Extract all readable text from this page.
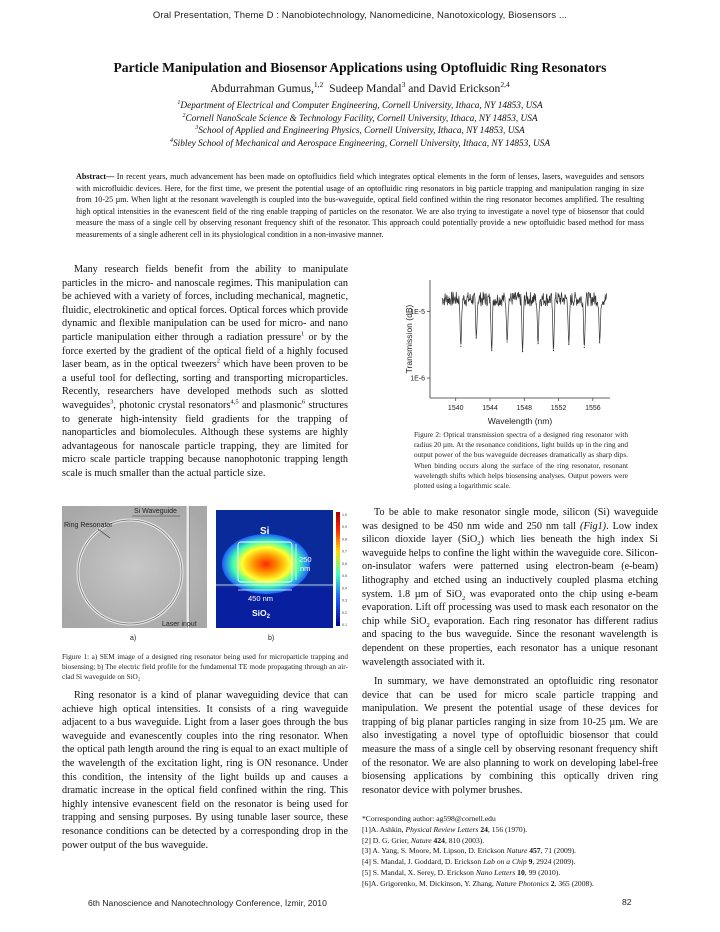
Oral Presentation, Theme D : Nanobiotechnology, Nanomedicine, Nanotoxicology, Biosensors ...
Particle Manipulation and Biosensor Applications using Optofluidic Ring Resonators
Abdurrahman Gumus,$^{1,2}$ Sudeep Mandal$^3$ and David Erickson$^{2,4}$
$^1$Department of Electrical and Computer Engineering, Cornell University, Ithaca, NY 14853, USA
$^2$Cornell NanoScale Science & Technology Facility, Cornell University, Ithaca, NY 14853, USA
$^3$School of Applied and Engineering Physics, Cornell University, Ithaca, NY 14853, USA
$^4$Sibley School of Mechanical and Aerospace Engineering, Cornell University, Ithaca, NY 14853, USA
Abstract— In recent years, much advancement has been made on optofluidics field which integrates optical elements in the form of lenses, lasers, waveguides and sensors with microfluidic devices. Here, for the first time, we present the potential usage of an optofluidic ring resonators in big particle trapping and manipulation ranging in size from 10-25 µm. When light at the resonant wavelength is coupled into the bus-waveguide, optical field confined within the ring resonator becomes amplified. The resulting high optical intensities in the evanescent field of the ring enable trapping of particles on the resonator. We are also trying to investigate a novel type of biosensor that could measure the mass of a single cell by observing resonant frequency shift of the resonator. This approach could potentially provide a new optofluidic based method for mass measurements of a single adherent cell in its physiological condition in a non-invasive manner.

Many research fields benefit from the ability to manipulate particles in the micro- and nanoscale regimes. This manipulation can be achieved with a variety of forces, including mechanical, magnetic, fluidic, electrokinetic and optical forces. Optical forces which provide dynamic and flexible manipulation can be used for micro- and nano particle manipulation either through a radiation pressure$^1$ or by the force exerted by the gradient of the optical field of a highly focused laser beam, as in the optical tweezers$^2$ which have been proven to be a useful tool for deflecting, sorting and transporting microparticles. Recently, researchers have developed methods such as slotted waveguides$^3$, photonic crystal resonators$^{4,5}$ and plasmonic$^6$ structures to generate high-intensity field gradients for the trapping of nanoparticles and biomolecules. Although these systems are highly advantageous for nanoscale particle trapping, they are limited for micro scale particle trapping because nanophotonic trapping length scale is much smaller than the actual particle size.

Si Waveguide
Ring Resonator
Laser input
a)
Si
250
nm
450 nm
SiO$_2$
1.0
0.9
0.8
0.7
0.6
0.5
0.4
0.3
0.2
0.1
b)
Figure 1: a) SEM image of a designed ring resonator being used for microparticle trapping and biosensing; b) The electric field profile for the fundamental TE mode propagating through an air-clad Si waveguide on SiO₂

Ring resonator is a kind of planar waveguiding device that can achieve high optical intensities. It consists of a ring waveguide adjacent to a bus waveguide. Light from a laser goes through the bus waveguide and evanescently couples into the ring resonator. When the optical path length around the ring is equal to an exact multiple of the wavelength of the excitation light, ring is ON resonance. Under this condition, the intensity of the light builds up and causes a dramatic increase in the optical field confined within the ring. This highly intensive evanescent field on the resonator is being used for trapping and sensing purposes. By using tunable laser source, these resonance conditions can be detected by a corresponding drop in the power output of the bus waveguide.

1E-5
1E-6
1540	1544	1548	1552	1556
Wavelength (nm)
Transmission (dB)
Figure 2: Optical transmission spectra of a designed ring resonator with radius 20 µm. At the resonance conditions, light builds up in the ring and output power of the bus waveguide decreases dramatically as sharp dips. When binding occurs along the surface of the ring resonator, resonant wavelength shifts which helps biosensing analyses. Output powers were plotted using a logarithmic scale.

To be able to make resonator single mode, silicon (Si) waveguide was designed to be 450 nm wide and 250 nm tall (Fig1). Low index silicon dioxide layer (SiO$_2$) which lies beneath the high index Si waveguide helps to confine the light within the waveguide core. Silicon-on-insulator wafers were patterned using electron-beam (e-beam) lithography and etched using an inductively coupled plasma etching system. 1.8 µm of SiO$_2$ was evaporated onto the chip using e-beam evaporation. Lift off processing was used to mask each resonator on the chip while SiO$_2$ evaporation. Each ring resonator has different radius and spacing to the bus waveguide. Since the resonant wavelength is dependent on these properties, each resonator has a unique resonant wavelength associated with it.

In summary, we have demonstrated an optofluidic ring resonator device that can be used for micro scale particle trapping and manipulation. We present the potential usage of these devices for trapping of big planar particles ranging in size from 10-25 µm. We are also investigating a novel type of optofluidic biosensor that could measure the mass of a single cell by observing resonant frequency shift of the resonator. We are also planning to work on developing label-free biosensing applications by combining this optically driven ring resonator device with polymer brushes.

*Corresponding author: ag598@cornell.edu
[1]A. Ashkin, Physical Review Letters 24, 156 (1970).
[2] D. G. Grier, Nature 424, 810 (2003).
[3] A. Yang, S. Moore, M. Lipson, D. Erickson Nature 457, 71 (2009).
[4] S. Mandal, J. Goddard, D. Erickson Lab on a Chip 9, 2924 (2009).
[5] S. Mandal, X. Serey, D. Erickson Nano Letters 10, 99 (2010).
[6]A. Grigorenko, M. Dickinson, Y. Zhang, Nature Photonics 2, 365 (2008).
6th Nanoscience and Nanotechnology Conference, İzmir, 2010	82
